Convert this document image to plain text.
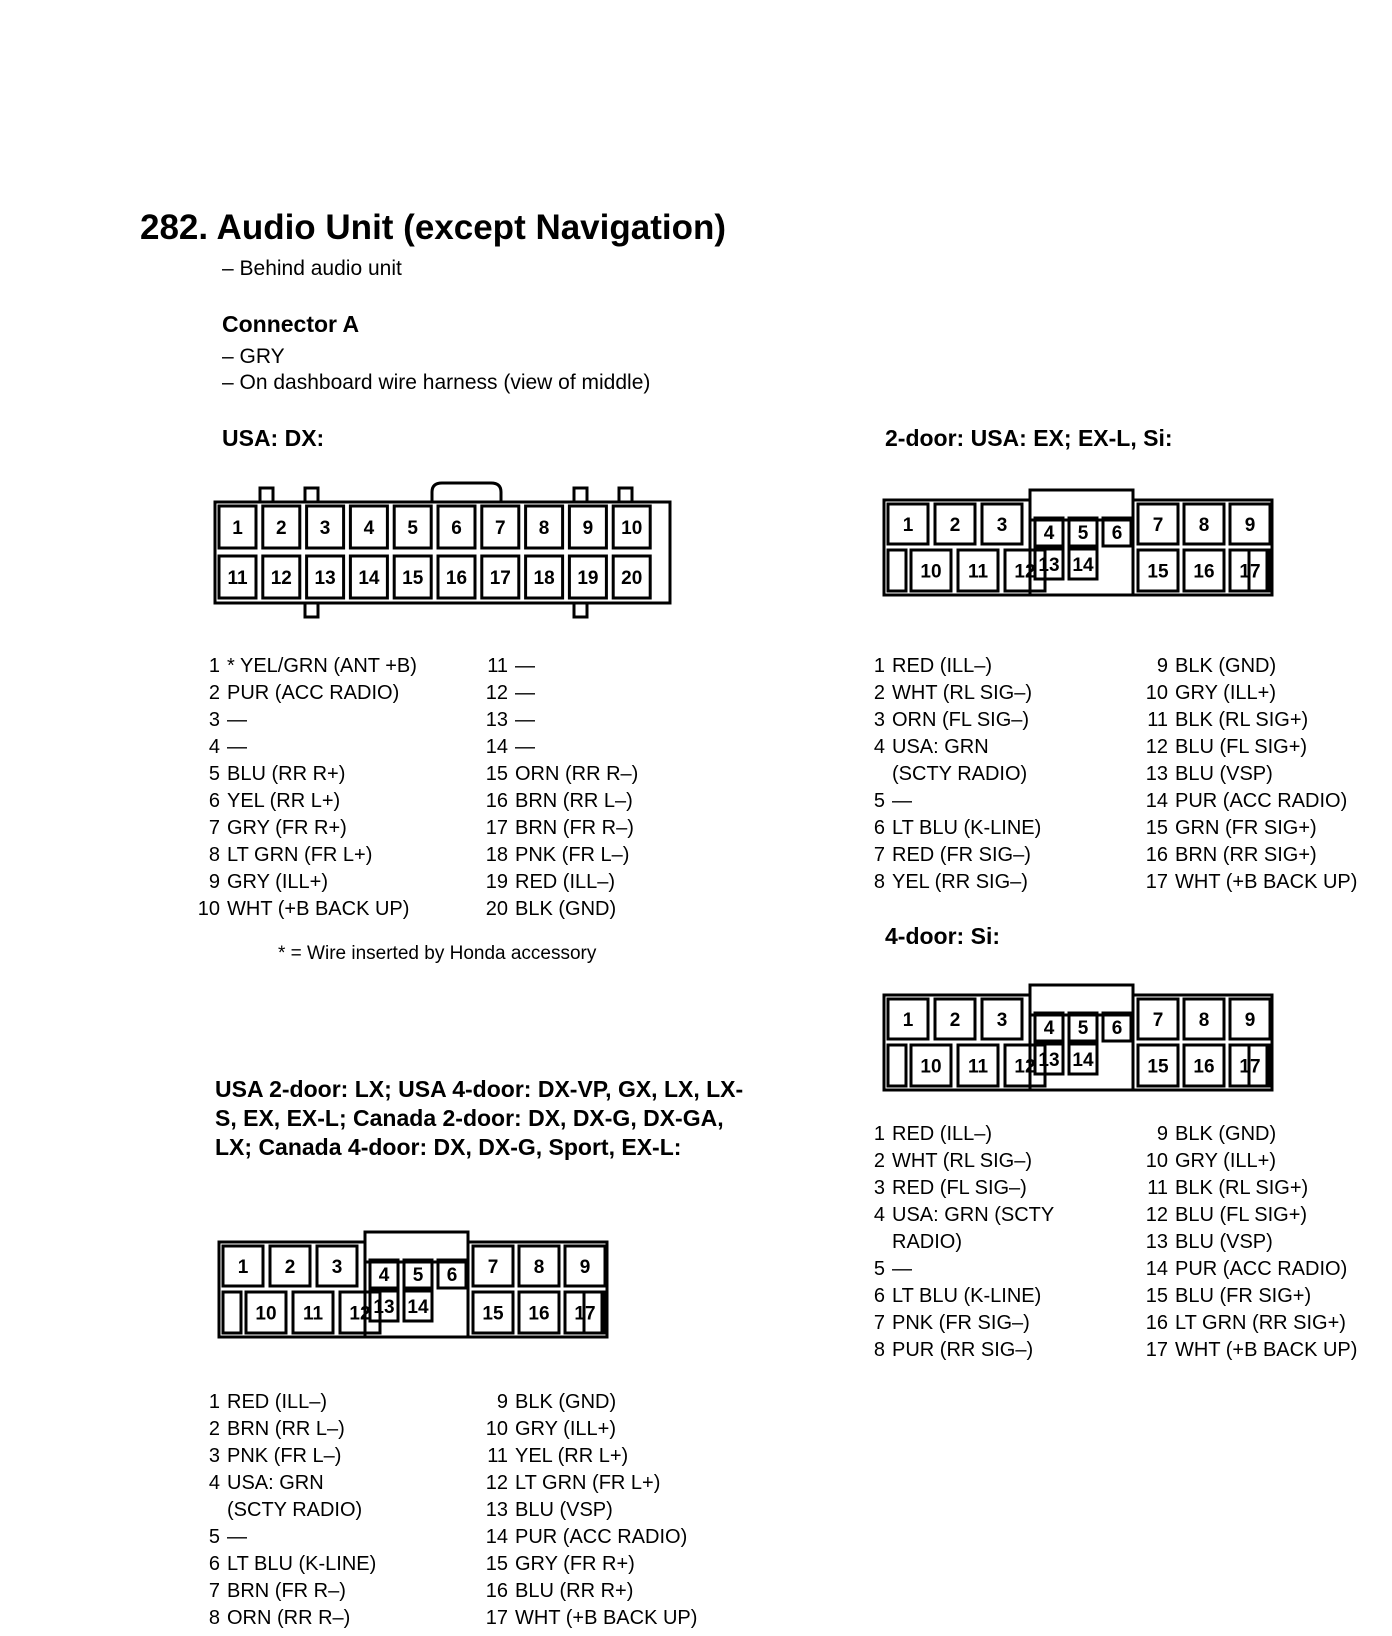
282. Audio Unit (except Navigation)
– Behind audio unit
Connector A
– GRY
– On dashboard wire harness (view of middle)
USA: DX:	2-door: USA: EX; EX-L, Si:
4-door: Si:
USA 2-door: LX; USA 4-door: DX-VP, GX, LX, LX-S, EX, EX-L; Canada 2-door: DX, DX-G, DX-GA, LX; Canada 4-door: DX, DX-G, Sport, EX-L:
1 2 3 4 5 6 7 8 9 10
11 12 13 14 15 16 17 18 19 20
1 2 3 4 5 6 7 8 9
10 11 12 13 14	15 16 17
1 2 3 4 5 6 7 8 9
10 11 12 13 14	15 16 17
1 2 3 4 5 6 7 8 9
10 11 12 13 14	15 16 17
1 * YEL/GRN (ANT +B)
2 PUR (ACC RADIO)
3 —
4 —
5 BLU (RR R+)
6 YEL (RR L+)
7 GRY (FR R+)
8 LT GRN (FR L+)
9 GRY (ILL+)
10 WHT (+B BACK UP)
11 —
12 —
13 —
14 —
15 ORN (RR R–)
16 BRN (RR L–)
17 BRN (FR R–)
18 PNK (FR L–)
19 RED (ILL–)
20 BLK (GND)
* = Wire inserted by Honda accessory
1 RED (ILL–)
2 WHT (RL SIG–)
3 ORN (FL SIG–)
4 USA: GRN
(SCTY RADIO)
5 —
6 LT BLU (K-LINE)
7 RED (FR SIG–)
8 YEL (RR SIG–)
9 BLK (GND)
10 GRY (ILL+)
11 BLK (RL SIG+)
12 BLU (FL SIG+)
13 BLU (VSP)
14 PUR (ACC RADIO)
15 GRN (FR SIG+)
16 BRN (RR SIG+)
17 WHT (+B BACK UP)
1 RED (ILL–)
2 WHT (RL SIG–)
3 RED (FL SIG–)
4 USA: GRN (SCTY
RADIO)
5 —
6 LT BLU (K-LINE)
7 PNK (FR SIG–)
8 PUR (RR SIG–)
9 BLK (GND)
10 GRY (ILL+)
11 BLK (RL SIG+)
12 BLU (FL SIG+)
13 BLU (VSP)
14 PUR (ACC RADIO)
15 BLU (FR SIG+)
16 LT GRN (RR SIG+)
17 WHT (+B BACK UP)
1 RED (ILL–)
2 BRN (RR L–)
3 PNK (FR L–)
4 USA: GRN
(SCTY RADIO)
5 —
6 LT BLU (K-LINE)
7 BRN (FR R–)
8 ORN (RR R–)
9 BLK (GND)
10 GRY (ILL+)
11 YEL (RR L+)
12 LT GRN (FR L+)
13 BLU (VSP)
14 PUR (ACC RADIO)
15 GRY (FR R+)
16 BLU (RR R+)
17 WHT (+B BACK UP)
